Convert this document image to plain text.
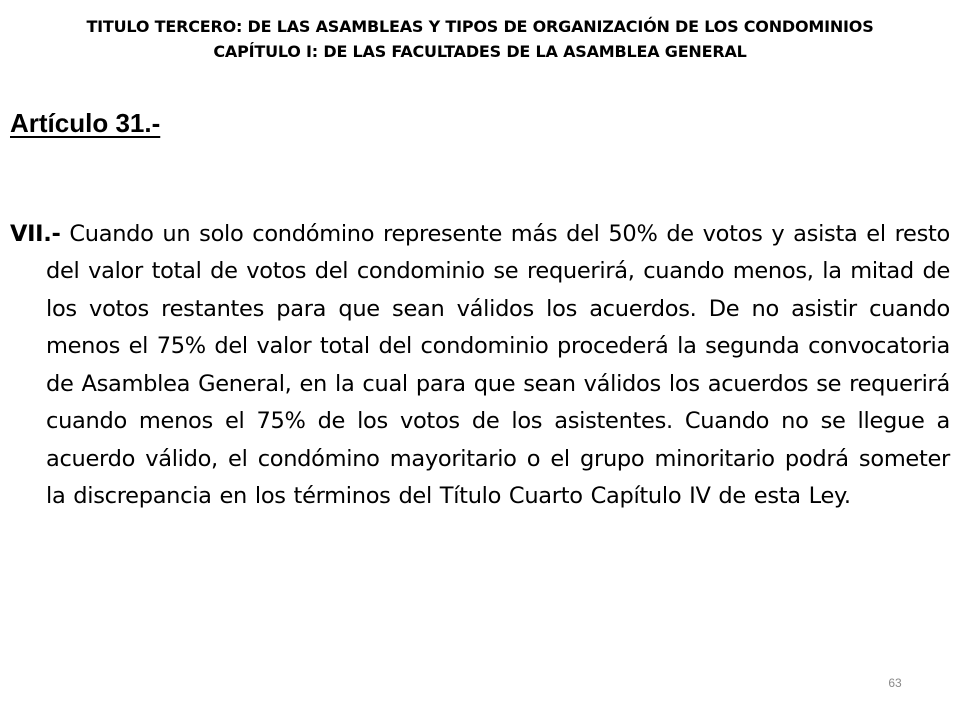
TITULO TERCERO: DE LAS ASAMBLEAS Y TIPOS DE ORGANIZACIÓN DE LOS CONDOMINIOS
CAPÍTULO I: DE LAS FACULTADES DE LA ASAMBLEA GENERAL
Artículo 31.-

VII.- Cuando un solo condómino represente más del 50% de votos y asista el resto del valor total de votos del condominio se requerirá, cuando menos, la mitad de los votos restantes para que sean válidos los acuerdos. De no asistir cuando menos el 75% del valor total del condominio procederá la segunda convocatoria de Asamblea General, en la cual para que sean válidos los acuerdos se requerirá cuando menos el 75% de los votos de los asistentes. Cuando no se llegue a acuerdo válido, el condómino mayoritario o el grupo minoritario podrá someter la discrepancia en los términos del Título Cuarto Capítulo IV de esta Ley.

63
